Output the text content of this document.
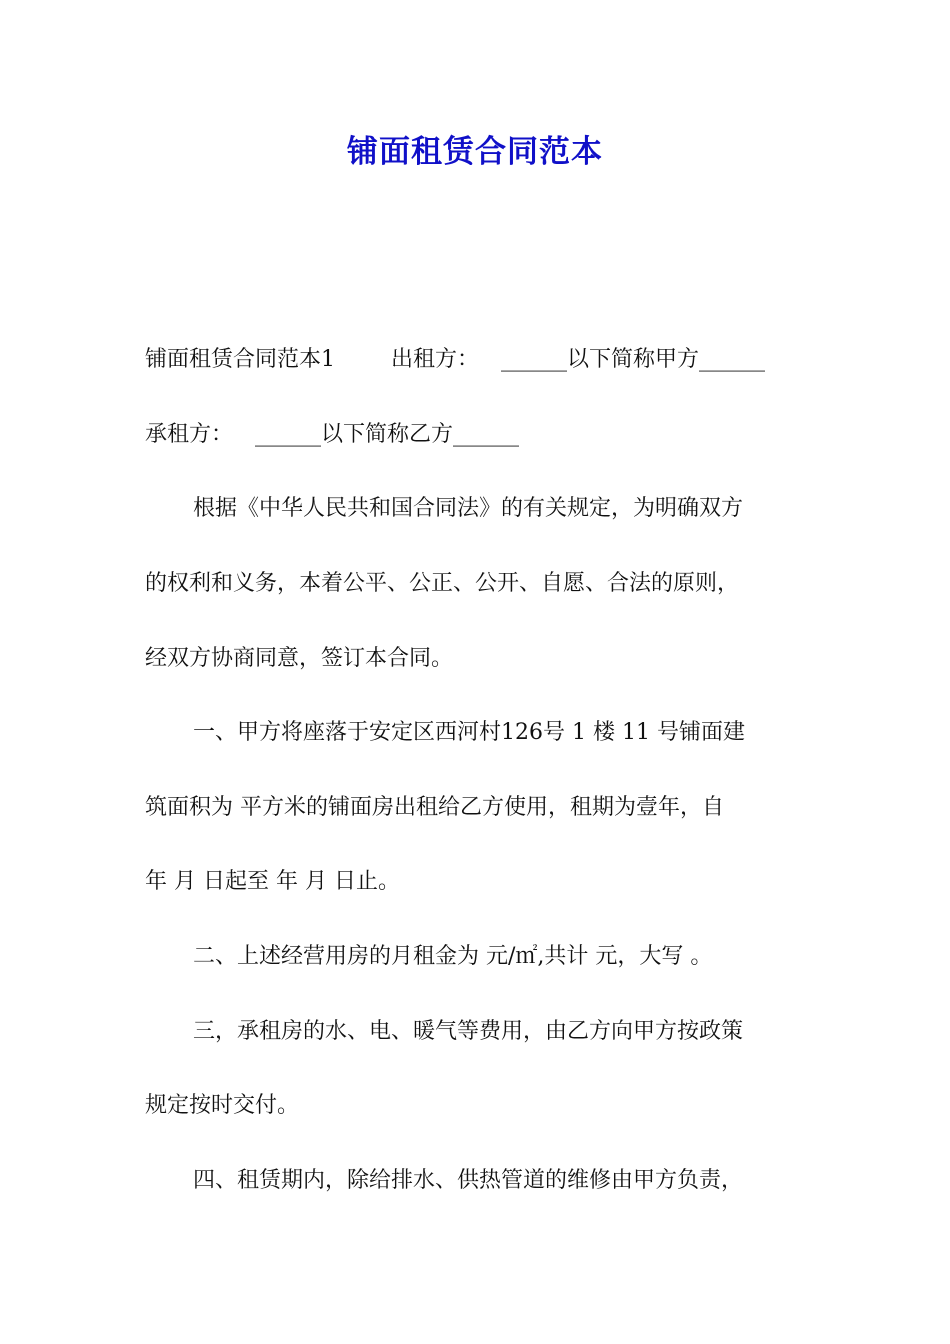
铺面租赁合同范本

铺面租赁合同范本1	出租方： ______以下简称甲方______

承租方： ______以下简称乙方______

根据《中华人民共和国合同法》的有关规定，为明确双方

的权利和义务，本着公平、公正、公开、自愿、合法的原则，

经双方协商同意，签订本合同。

一、甲方将座落于安定区西河村126号 1 楼 11 号铺面建

筑面积为 平方米的铺面房出租给乙方使用，租期为壹年，自

年 月 日起至 年 月 日止。

二、上述经营用房的月租金为 元/㎡,共计 元，大写 。

三，承租房的水、电、暖气等费用，由乙方向甲方按政策

规定按时交付。

四、租赁期内，除给排水、供热管道的维修由甲方负责，
